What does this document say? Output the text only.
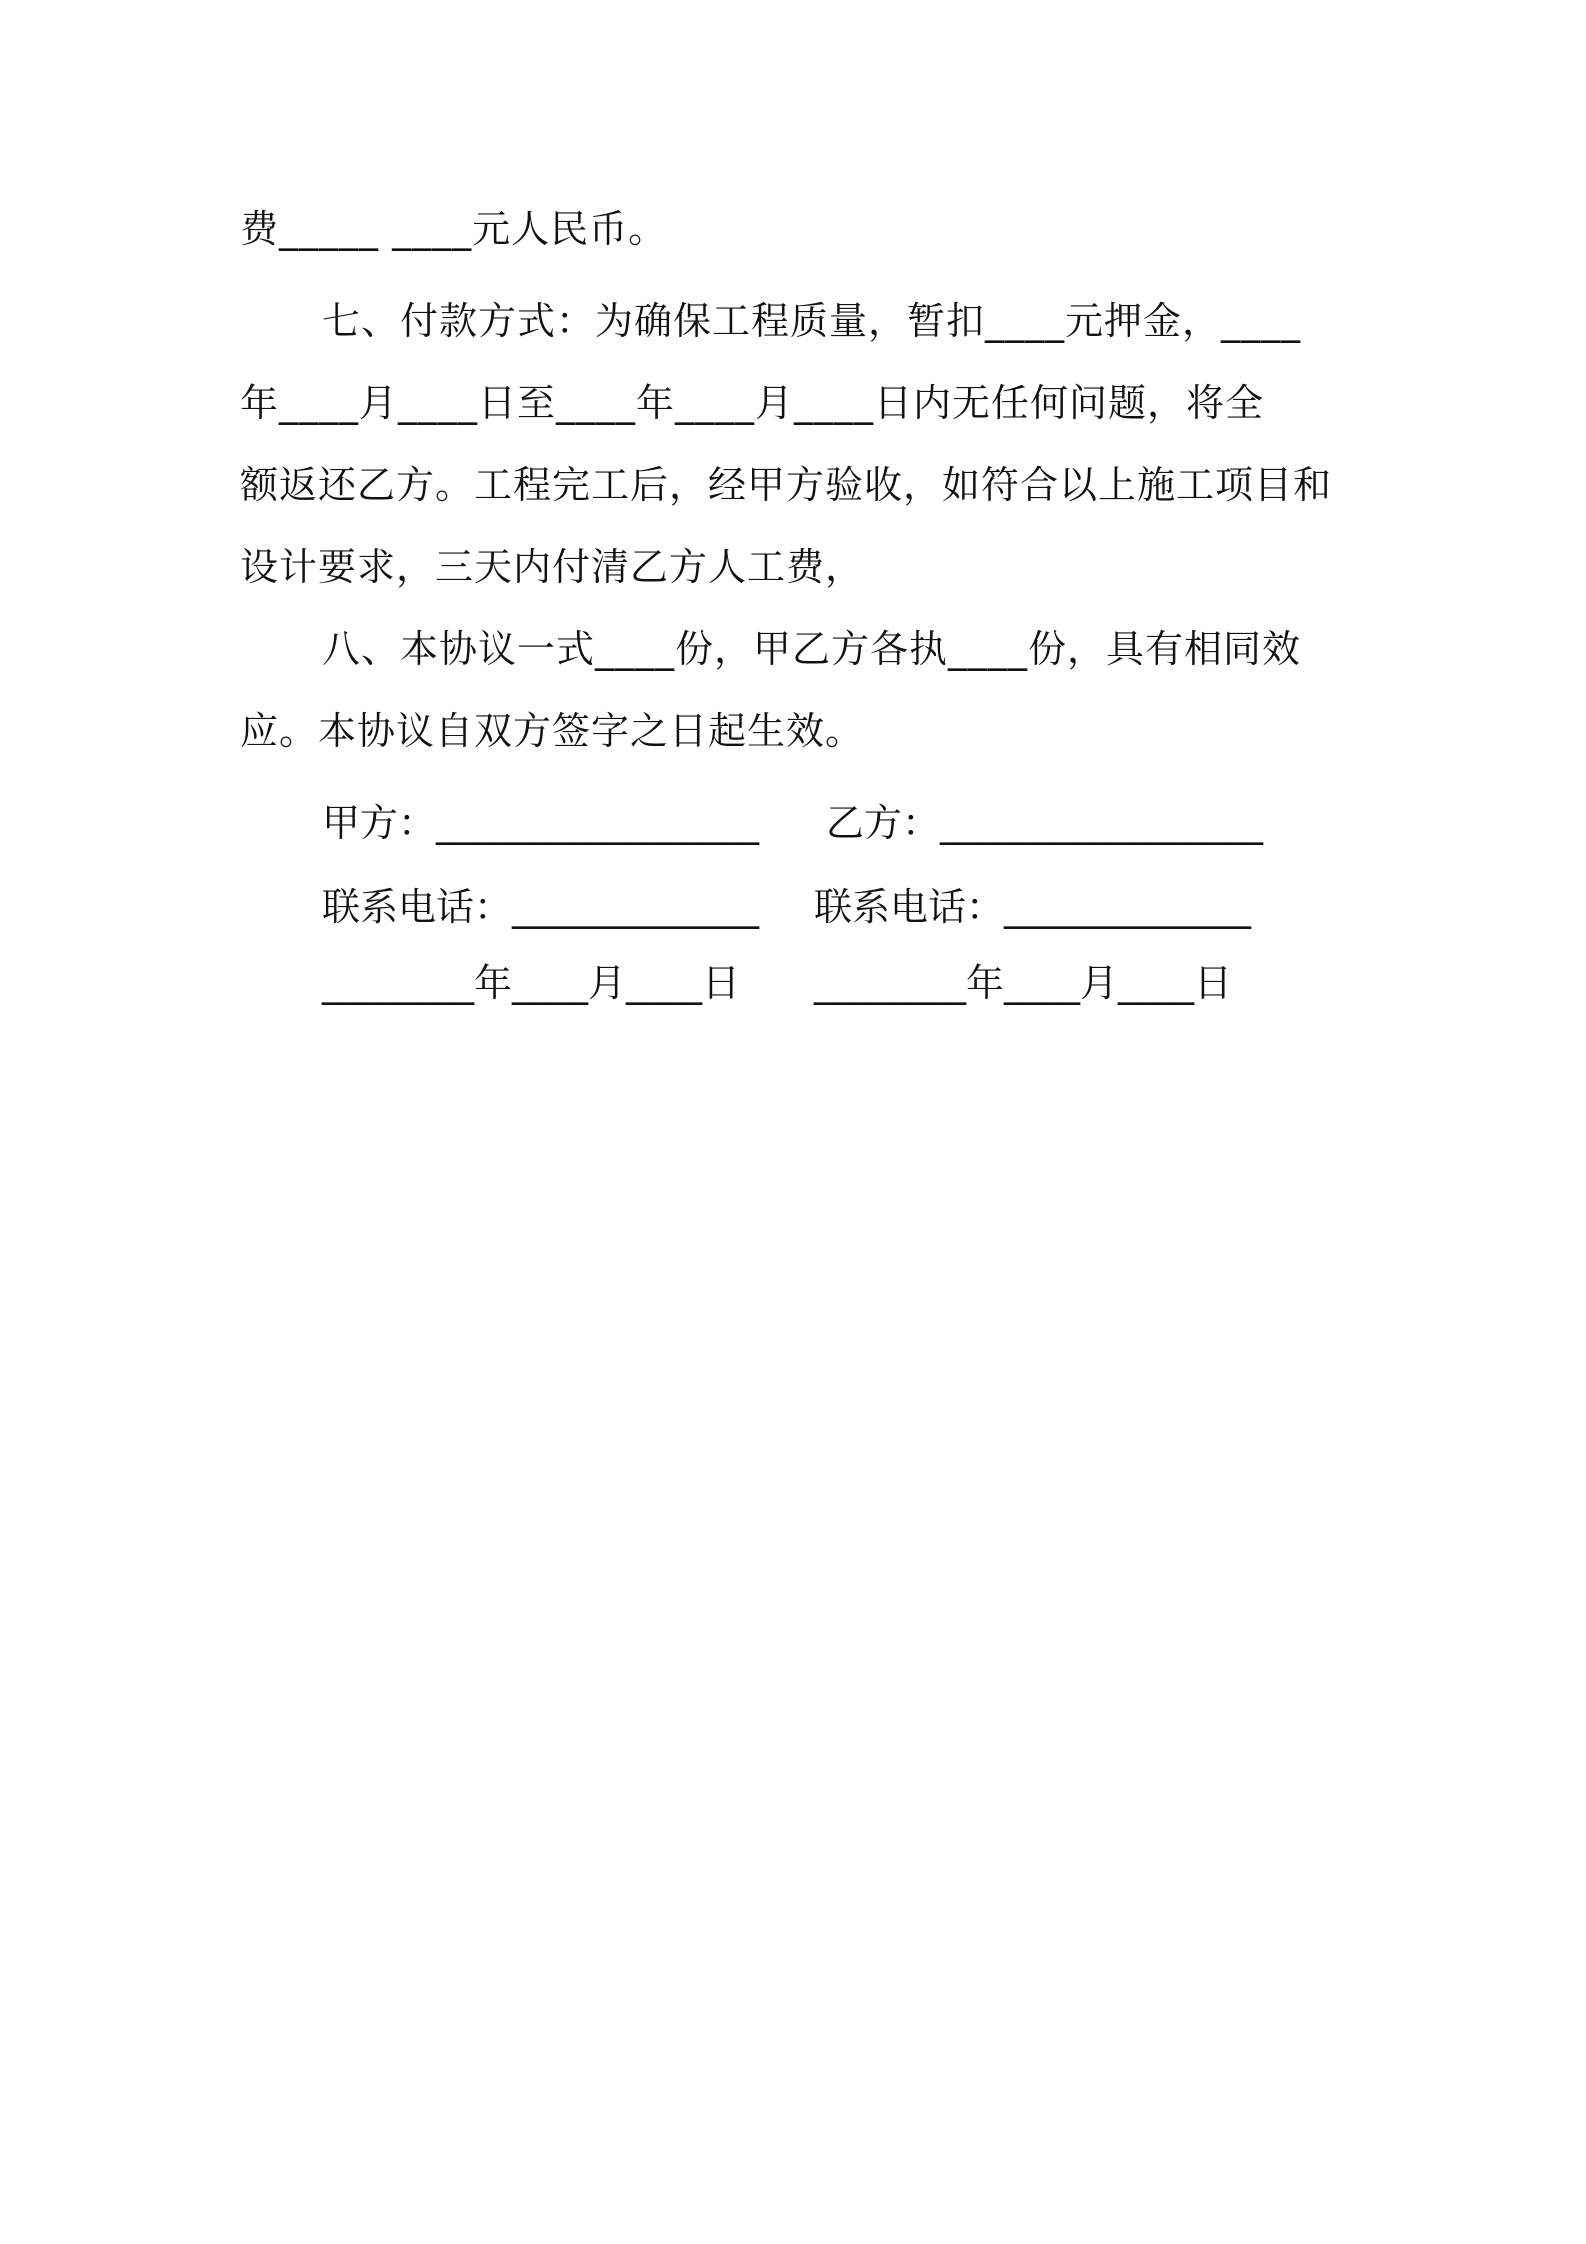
费_____ ____元人民币。
七、付款方式：为确保工程质量，暂扣____元押金，____
年____月____日至____年____月____日内无任何问题，将全
额返还乙方。工程完工后，经甲方验收，如符合以上施工项目和
设计要求，三天内付清乙方人工费，
八、本协议一式____份，甲乙方各执____份，具有相同效
应。本协议自双方签字之日起生效。

甲方：_________________

乙方：_________________

联系电话：_____________

联系电话：_____________

________年____月____日

________年____月____日
